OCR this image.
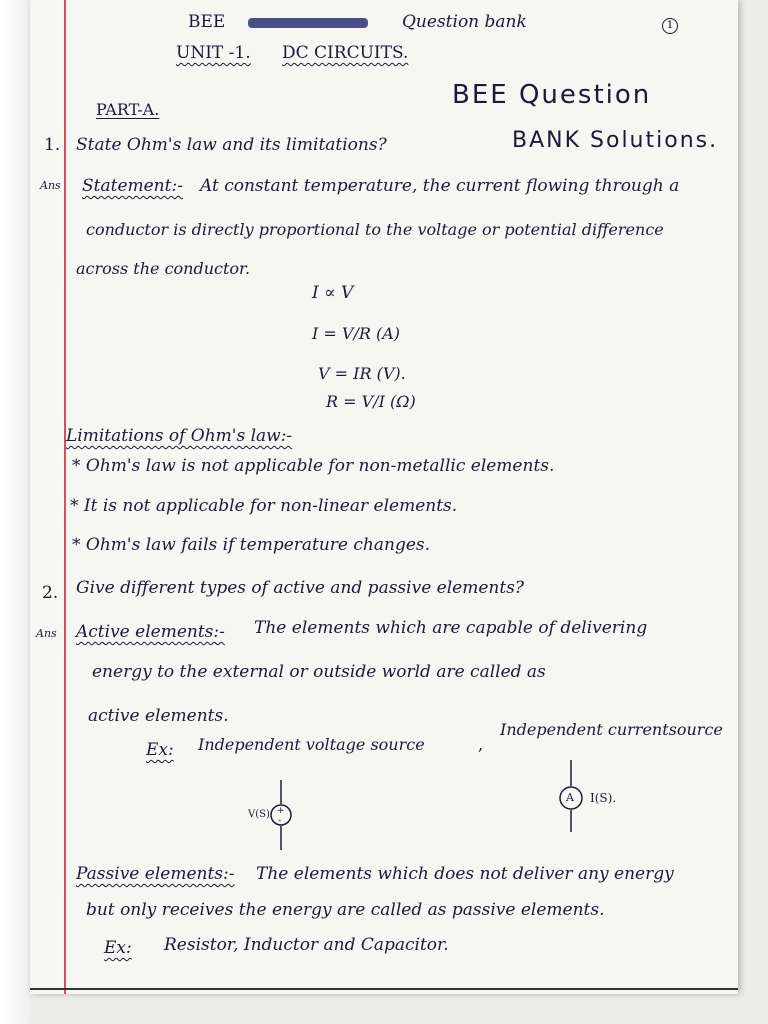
BEE	Question bank	1
UNIT -1. DC CIRCUITS.
PART-A.	BEE Question
BANK Solutions.
1. State Ohm's law and its limitations?
Ans Statement:- At constant temperature, the current flowing through a
conductor is directly proportional to the voltage or potential difference
across the conductor.
I ∝ V
I = V/R (A)
V = IR (V).
R = V/I (Ω)
Limitations of Ohm's law:-
* Ohm's law is not applicable for non-metallic elements.
* It is not applicable for non-linear elements.
* Ohm's law fails if temperature changes.
2. Give different types of active and passive elements?
Ans Active elements:- The elements which are capable of delivering
energy to the external or outside world are called as
active elements.
Ex: Independent voltage source	,
Independent currentsource
+
-
V(S)
A I(S).
Passive elements:- The elements which does not deliver any energy
but only receives the energy are called as passive elements.
Ex: Resistor, Inductor and Capacitor.
